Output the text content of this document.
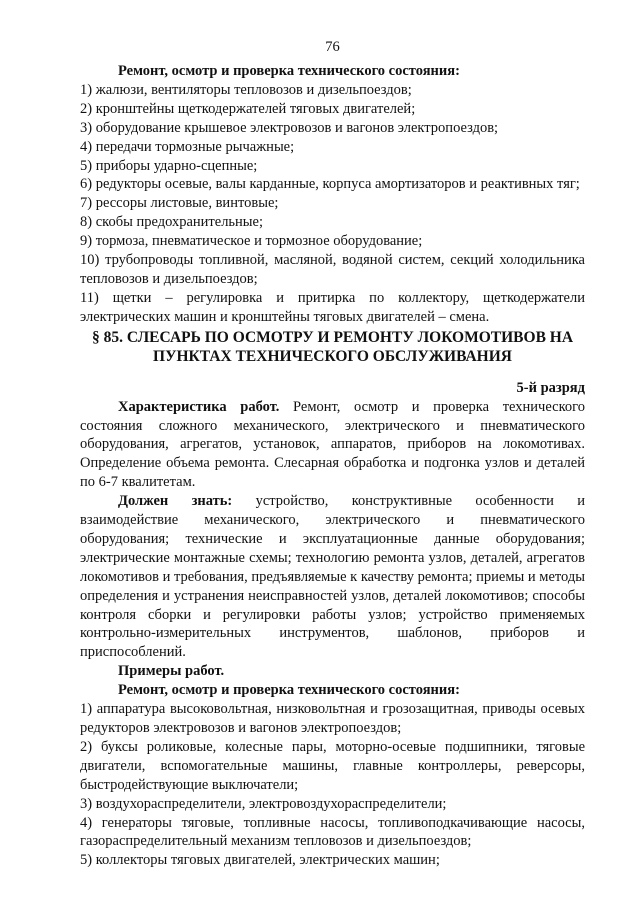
76

Ремонт, осмотр и проверка технического состояния:

1) жалюзи, вентиляторы тепловозов и дизельпоездов;

2) кронштейны щеткодержателей тяговых двигателей;

3) оборудование крышевое электровозов и вагонов электропоездов;

4) передачи тормозные рычажные;

5) приборы ударно-сцепные;

6) редукторы осевые, валы карданные, корпуса амортизаторов и реактивных тяг;

7) рессоры листовые, винтовые;

8) скобы предохранительные;

9) тормоза, пневматическое и тормозное оборудование;

10) трубопроводы топливной, масляной, водяной систем, секций холодильника тепловозов и дизельпоездов;

11) щетки – регулировка и притирка по коллектору, щеткодержатели электрических машин и кронштейны тяговых двигателей – смена.

§ 85. СЛЕСАРЬ ПО ОСМОТРУ И РЕМОНТУ ЛОКОМОТИВОВ НА
ПУНКТАХ ТЕХНИЧЕСКОГО ОБСЛУЖИВАНИЯ

5-й разряд

Характеристика работ. Ремонт, осмотр и проверка технического состояния сложного механического, электрического и пневматического оборудования, агрегатов, установок, аппаратов, приборов на локомотивах. Определение объема ремонта. Слесарная обработка и подгонка узлов и деталей по 6-7 квалитетам.

Должен знать: устройство, конструктивные особенности и взаимодействие механического, электрического и пневматического оборудования; технические и эксплуатационные данные оборудования; электрические монтажные схемы; технологию ремонта узлов, деталей, агрегатов локомотивов и требования, предъявляемые к качеству ремонта; приемы и методы определения и устранения неисправностей узлов, деталей локомотивов; способы контроля сборки и регулировки работы узлов; устройство применяемых контрольно-измерительных инструментов, шаблонов, приборов и приспособлений.

Примеры работ.

Ремонт, осмотр и проверка технического состояния:

1) аппаратура высоковольтная, низковольтная и грозозащитная, приводы осевых редукторов электровозов и вагонов электропоездов;

2) буксы роликовые, колесные пары, моторно-осевые подшипники, тяговые двигатели, вспомогательные машины, главные контроллеры, реверсоры, быстродействующие выключатели;

3) воздухораспределители, электровоздухораспределители;

4) генераторы тяговые, топливные насосы, топливоподкачивающие насосы, газораспределительный механизм тепловозов и дизельпоездов;

5) коллекторы тяговых двигателей, электрических машин;
